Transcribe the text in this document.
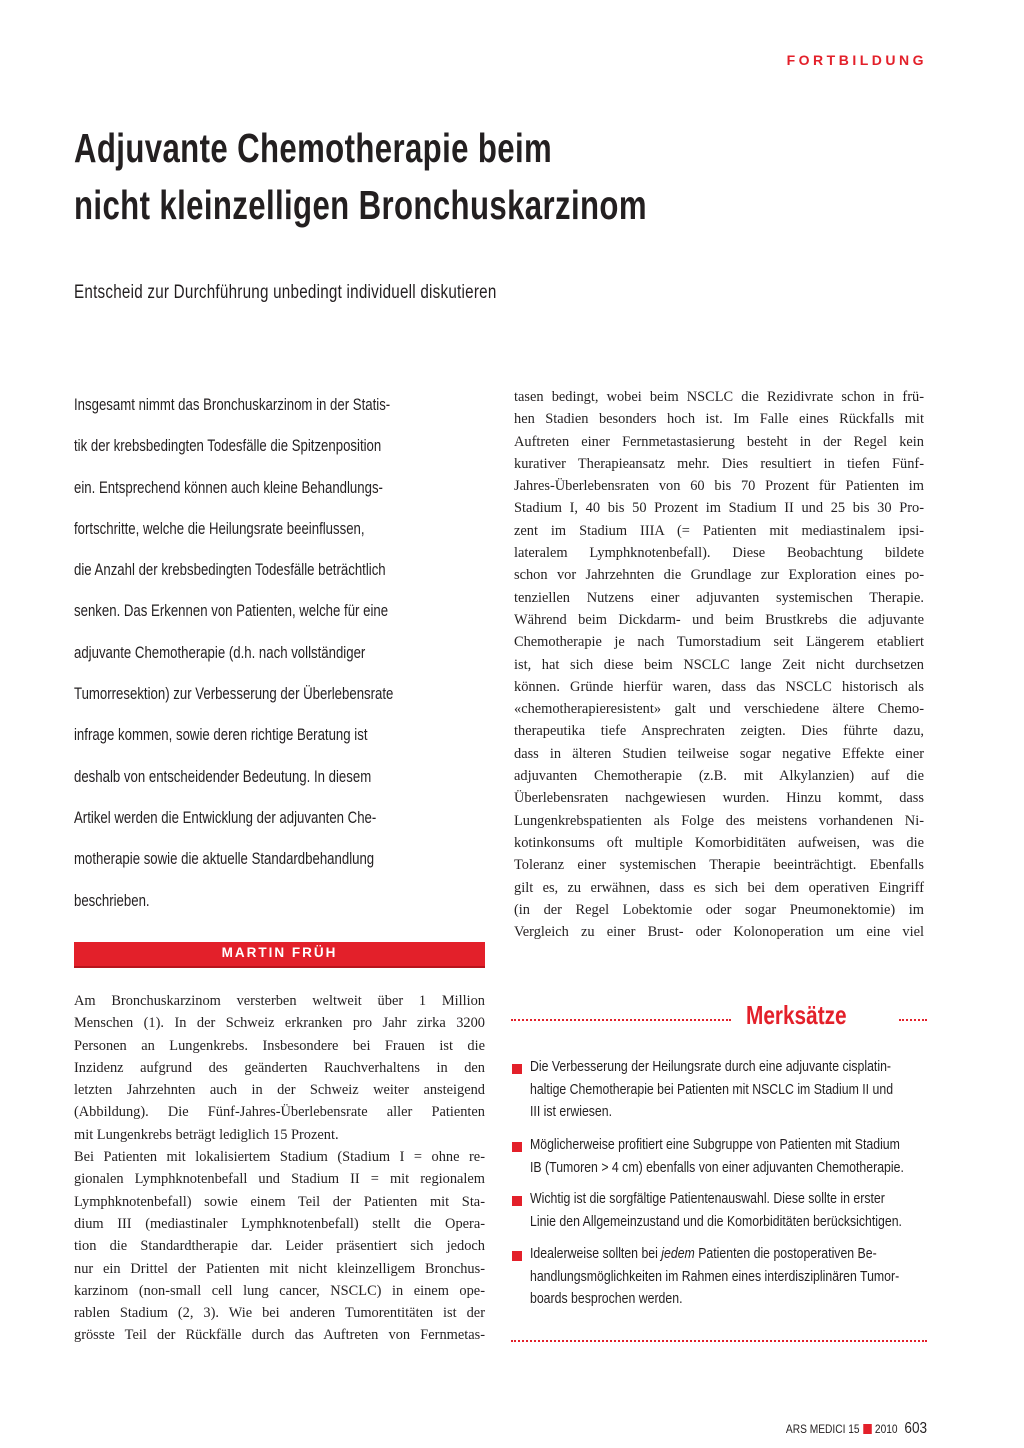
FORTBILDUNG
Adjuvante Chemotherapie beim
nicht kleinzelligen Bronchuskarzinom

Entscheid zur Durchführung unbedingt individuell diskutieren

Insgesamt nimmt das Bronchuskarzinom in der Statis-
tik der krebsbedingten Todesfälle die Spitzenposition
ein. Entsprechend können auch kleine Behandlungs-
fortschritte, welche die Heilungsrate beeinflussen,
die Anzahl der krebsbedingten Todesfälle beträchtlich
senken. Das Erkennen von Patienten, welche für eine
adjuvante Chemotherapie (d.h. nach vollständiger
Tumorresektion) zur Verbesserung der Überlebensrate
infrage kommen, sowie deren richtige Beratung ist
deshalb von entscheidender Bedeutung. In diesem
Artikel werden die Entwicklung der adjuvanten Che-
motherapie sowie die aktuelle Standardbehandlung
beschrieben.

MARTIN FRÜH
Am Bronchuskarzinom versterben weltweit über 1 Million
Menschen (1). In der Schweiz erkranken pro Jahr zirka 3200
Personen an Lungenkrebs. Insbesondere bei Frauen ist die
Inzidenz aufgrund des geänderten Rauchverhaltens in den
letzten Jahrzehnten auch in der Schweiz weiter ansteigend
(Abbildung). Die Fünf-Jahres-Überlebensrate aller Patienten
mit Lungenkrebs beträgt lediglich 15 Prozent.
Bei Patienten mit lokalisiertem Stadium (Stadium I = ohne re-
gionalen Lymphknotenbefall und Stadium II = mit regionalem
Lymphknotenbefall) sowie einem Teil der Patienten mit Sta-
dium III (mediastinaler Lymphknotenbefall) stellt die Opera-
tion die Standardtherapie dar. Leider präsentiert sich jedoch
nur ein Drittel der Patienten mit nicht kleinzelligem Bronchus-
karzinom (non-small cell lung cancer, NSCLC) in einem ope-
rablen Stadium (2, 3). Wie bei anderen Tumorentitäten ist der
grösste Teil der Rückfälle durch das Auftreten von Fernmetas-
tasen bedingt, wobei beim NSCLC die Rezidivrate schon in frü-
hen Stadien besonders hoch ist. Im Falle eines Rückfalls mit
Auftreten einer Fernmetastasierung besteht in der Regel kein
kurativer Therapieansatz mehr. Dies resultiert in tiefen Fünf-
Jahres-Überlebensraten von 60 bis 70 Prozent für Patienten im
Stadium I, 40 bis 50 Prozent im Stadium II und 25 bis 30 Pro-
zent im Stadium IIIA (= Patienten mit mediastinalem ipsi-
lateralem Lymphknotenbefall). Diese Beobachtung bildete
schon vor Jahrzehnten die Grundlage zur Exploration eines po-
tenziellen Nutzens einer adjuvanten systemischen Therapie.
Während beim Dickdarm- und beim Brustkrebs die adjuvante
Chemotherapie je nach Tumorstadium seit Längerem etabliert
ist, hat sich diese beim NSCLC lange Zeit nicht durchsetzen
können. Gründe hierfür waren, dass das NSCLC historisch als
«chemotherapieresistent» galt und verschiedene ältere Chemo-
therapeutika tiefe Ansprechraten zeigten. Dies führte dazu,
dass in älteren Studien teilweise sogar negative Effekte einer
adjuvanten Chemotherapie (z.B. mit Alkylanzien) auf die
Überlebensraten nachgewiesen wurden. Hinzu kommt, dass
Lungenkrebspatienten als Folge des meistens vorhandenen Ni-
kotinkonsums oft multiple Komorbiditäten aufweisen, was die
Toleranz einer systemischen Therapie beeinträchtigt. Ebenfalls
gilt es, zu erwähnen, dass es sich bei dem operativen Eingriff
(in der Regel Lobektomie oder sogar Pneumonektomie) im
Vergleich zu einer Brust- oder Kolonoperation um eine viel
Merksätze
Die Verbesserung der Heilungsrate durch eine adjuvante cisplatin-
haltige Chemotherapie bei Patienten mit NSCLC im Stadium II und
III ist erwiesen.
Möglicherweise profitiert eine Subgruppe von Patienten mit Stadium
IB (Tumoren > 4 cm) ebenfalls von einer adjuvanten Chemotherapie.
Wichtig ist die sorgfältige Patientenauswahl. Diese sollte in erster
Linie den Allgemeinzustand und die Komorbiditäten berücksichtigen.
Idealerweise sollten bei jedem Patienten die postoperativen Be-
handlungsmöglichkeiten im Rahmen eines interdisziplinären Tumor-
boards besprochen werden.
ARS MEDICI 15 2010 603
